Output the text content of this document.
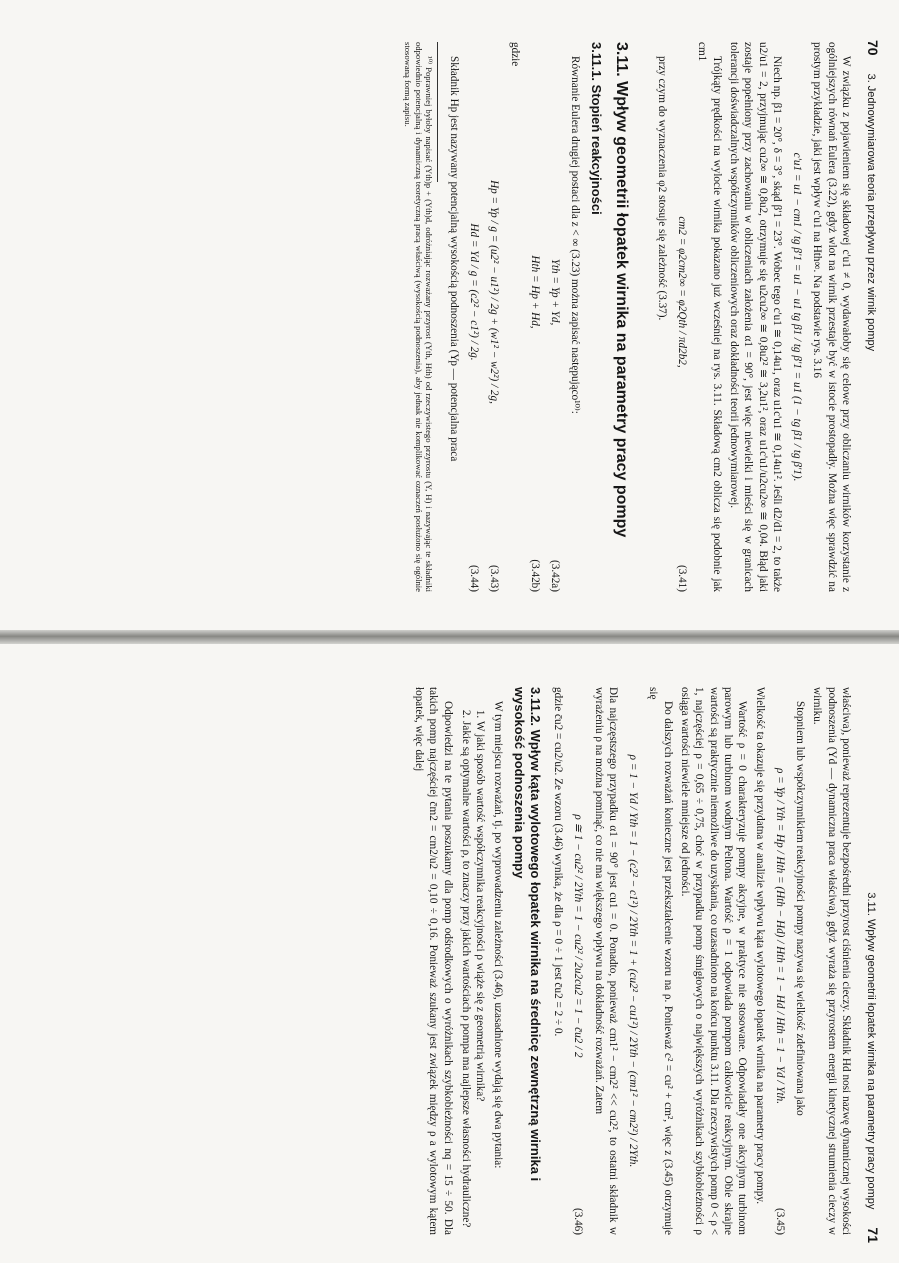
70
3. Jednowymiarowa teoria przepływu przez wirnik pompy

W związku z pojawieniem się składowej c'u1 ≠ 0, wydawałoby się celowe przy obliczaniu wirników korzystanie z ogólniejszych równań Eulera (3.22), gdyż wlot na wirnik przestaje być w istocie prostopadły. Można więc sprawdzić na prostym przykładzie, jaki jest wpływ c'u1 na Hth∞. Na podstawie rys. 3.16

c'u1 = u1 − cm1 / tg β'1 = u1 − u1 tg β1 / tg β'1 = u1 (1 − tg β1 / tg β'1).

Niech np. β1 = 20°, δ = 3°, skąd β'1 = 23°. Wobec tego c'u1 ≅ 0,14u1, oraz u1c'u1 ≅ 0,14u1². Jeśli d2/d1 = 2, to także u2/u1 = 2, przyjmując cu2∞ ≅ 0,8u2, otrzymuje się u2cu2∞ ≅ 0,8u2² ≅ 3,2u1², oraz u1c'u1/u2cu2∞ ≅ 0,04. Błąd jaki zostaje popełniony przy zachowaniu w obliczeniach założenia α1 = 90°, jest więc niewielki i mieści się w granicach tolerancji doświadczalnych współczynników obliczeniowych oraz dokładności teorii jednowymiarowej.

Trójkąty prędkości na wylocie wirnika pokazano już wcześniej na rys. 3.11. Składową cm2 oblicza się podobnie jak cm1

cm2 = φ2cm2∞ = φ2Qth / πd2b2,
(3.41)

przy czym do wyznaczenia φ2 stosuje się zależność (3.37).

3.11. Wpływ geometrii łopatek wirnika na parametry pracy pompy
3.11.1. Stopień reakcyjności

Równanie Eulera drugiej postaci dla z < ∞ (3.23) można zapisać następująco¹⁰⁾:

Yth = Yp + Yd,
(3.42a)
Hth = Hp + Hd,
(3.42b)
gdzie
Hp = Yp / g = (u2² − u1²) / 2g + (w1² − w2²) / 2g,
(3.43)
Hd = Yd / g = (c2² − c1²) / 2g.
(3.44)

Składnik Hp jest nazywany potencjalną wysokością podnoszenia (Yp — potencjalna praca

¹⁰⁾ Poprawniej byłoby napisać (Yth)p + (Yth)d, odróżniając rozważany przyrost (Yth, Hth) od rzeczywistego przyrostu (Y, H) i nazywając te składniki odpowiednio potencjalną i dynamiczną teoretyczną pracą właściwą (wysokością podnoszenia), aby jednak nie komplikować oznaczeń posłużono się ogólnie stosowaną formą zapisu.

3.11. Wpływ geometrii łopatek wirnika na parametry pracy pompy
71

właściwa), ponieważ reprezentuje bezpośredni przyrost ciśnienia cieczy. Składnik Hd nosi nazwę dynamicznej wysokości podnoszenia (Yd — dynamiczna praca właściwa), gdyż wyraża się przyrostem energii kinetycznej strumienia cieczy w wirniku.

Stopniem lub współczynnikiem reakcyjności pompy nazywa się wielkość zdefiniowana jako

ρ = Yp / Yth = Hp / Hth = (Hth − Hd) / Hth = 1 − Hd / Hth = 1 − Yd / Yth.
(3.45)

Wielkość ta okazuje się przydatna w analizie wpływu kąta wylotowego łopatek wirnika na parametry pracy pompy.

Wartość ρ = 0 charakteryzuje pompy akcyjne, w praktyce nie stosowane. Odpowiadały one akcyjnym turbinom parowym lub turbinom wodnym Peltona. Wartość ρ = 1 odpowiada pompom całkowicie reakcyjnym. Obie skrajne wartości są praktycznie niemożliwe do uzyskania, co uzasadniono na końcu punktu 3.11. Dla rzeczywistych pomp 0 < ρ < 1, najczęściej ρ = 0,65 ÷ 0,75, choć w przypadku pomp śmigłowych o największych wyróżnikach szybkobieżności ρ osiąga wartości niewiele mniejsze od jedności.

Do dalszych rozważań konieczne jest przekształcenie wzoru na ρ. Ponieważ c² = cu² + cm², więc z (3.45) otrzymuje się

ρ = 1 − Yd / Yth = 1 − (c2² − c1²) / 2Yth = 1 + (cu2² − cu1²) / 2Yth − (cm1² − cm2²) / 2Yth.

Dla najczęstszego przypadku α1 = 90° jest cu1 = 0. Ponadto, ponieważ cm1² − cm2² << cu2², to ostatni składnik w wyrażeniu ρ na można pominąć, co nie ma większego wpływu na dokładność rozważań. Zatem

ρ ≅ 1 − cu2² / 2Yth = 1 − cu2² / 2u2cu2 = 1 − c̄u2 / 2
(3.46)

gdzie c̄u2 = cu2/u2. Ze wzoru (3.46) wynika, że dla ρ = 0 ÷ 1 jest c̄u2 = 2 ÷ 0.

3.11.2. Wpływ kąta wylotowego łopatek wirnika na średnicę zewnętrzną wirnika i wysokość podnoszenia pompy

W tym miejscu rozważań, tj. po wyprowadzeniu zależności (3.46), uzasadnione wydają się dwa pytania:

1. W jaki sposób wartość współczynnika reakcyjności ρ wiąże się z geometrią wirnika?
2. Jakie są optymalne wartości ρ, to znaczy przy jakich wartościach ρ pompa ma najlepsze własności hydrauliczne?

Odpowiedzi na te pytania poszukamy dla pomp odśrodkowych o wyróżnikach szybkobieżności nq = 15 ÷ 50. Dla takich pomp najczęściej c̄m2 = cm2/u2 = 0,10 ÷ 0,16. Ponieważ szukany jest związek między ρ a wylotowym kątem łopatek, więc dalej
